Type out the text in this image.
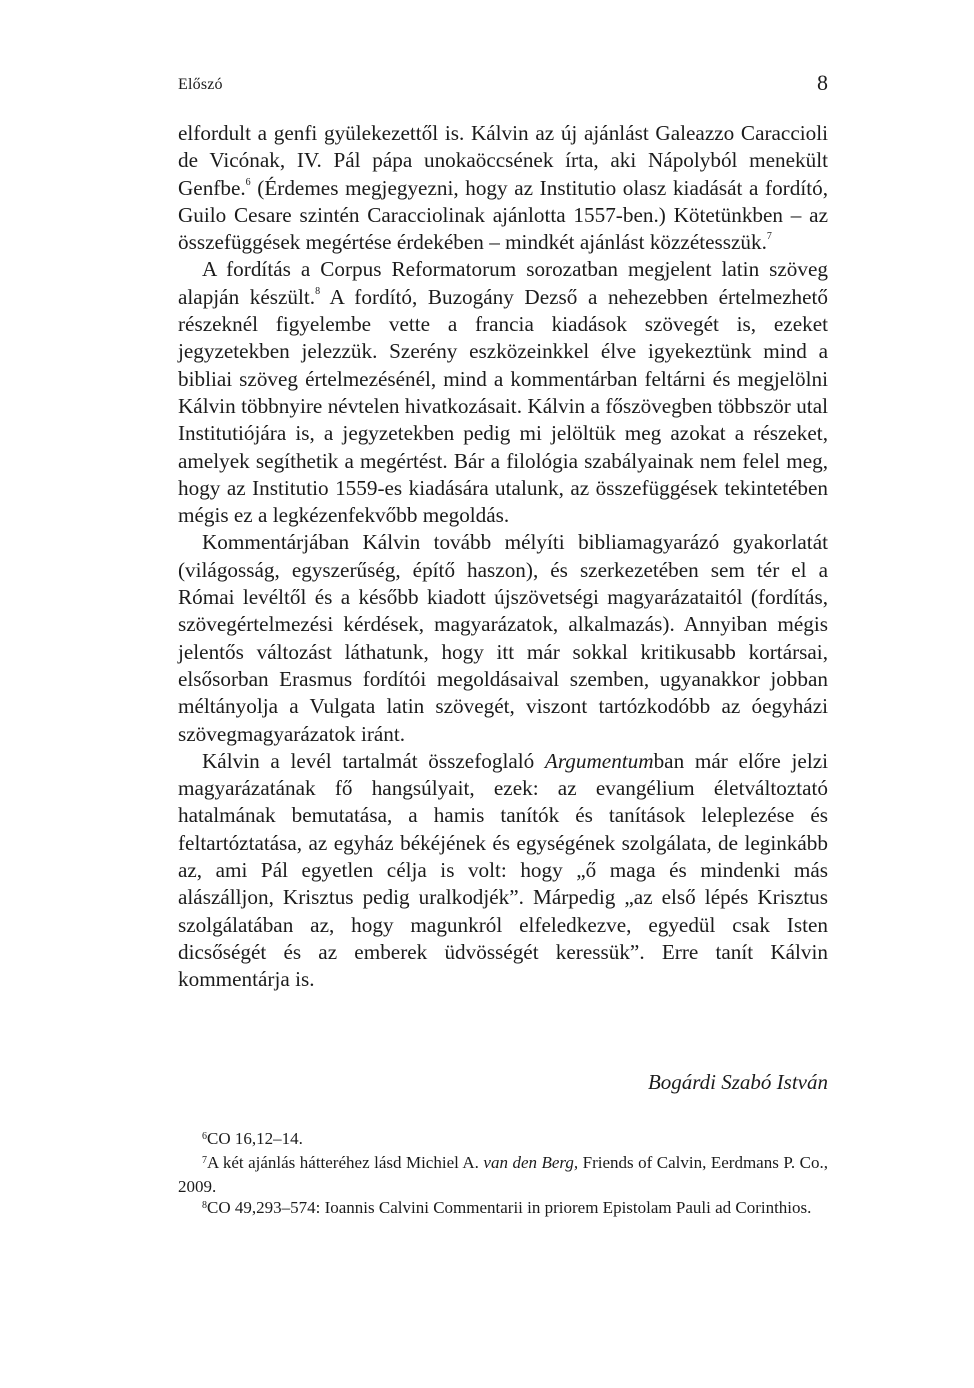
Előszó	8

elfordult a genfi gyülekezettől is. Kálvin az új ajánlást Galeazzo Caraccioli de Vicónak, IV. Pál pápa unokaöccsének írta, aki Nápolyból menekült Genfbe.$^6$ (Érdemes megjegyezni, hogy az Institutio olasz kiadását a fordító, Guilo Cesare szintén Caracciolinak ajánlotta 1557-ben.) Kötetünkben – az összefüggések megértése érdekében – mindkét ajánlást közzétesszük.$^7$

A fordítás a Corpus Reformatorum sorozatban megjelent latin szöveg alapján készült.$^8$ A fordító, Buzogány Dezső a nehezebben értelmezhető részeknél figyelembe vette a francia kiadások szövegét is, ezeket jegyzetekben jelezzük. Szerény eszközeinkkel élve igyekeztünk mind a bibliai szöveg értelmezésénél, mind a kommentárban feltárni és megjelölni Kálvin többnyire névtelen hivatkozásait. Kálvin a főszövegben többször utal Institutiójára is, a jegyzetekben pedig mi jelöltük meg azokat a részeket, amelyek segíthetik a megértést. Bár a filológia szabályainak nem felel meg, hogy az Institutio 1559-es kiadására utalunk, az összefüggések tekintetében mégis ez a legkézenfekvőbb megoldás.

Kommentárjában Kálvin tovább mélyíti bibliamagyarázó gyakorlatát (világosság, egyszerűség, építő haszon), és szerkezetében sem tér el a Római levéltől és a később kiadott újszövetségi magyarázataitól (fordítás, szövegértelmezési kérdések, magyarázatok, alkalmazás). Annyiban mégis jelentős változást láthatunk, hogy itt már sokkal kritikusabb kortársai, elsősorban Erasmus fordítói megoldásaival szemben, ugyanakkor jobban méltányolja a Vulgata latin szövegét, viszont tartózkodóbb az óegyházi szövegmagyarázatok iránt.

Kálvin a levél tartalmát összefoglaló Argumentumban már előre jelzi magyarázatának fő hangsúlyait, ezek: az evangélium életváltoztató hatalmának bemutatása, a hamis tanítók és tanítások leleplezése és feltartóztatása, az egyház békéjének és egységének szolgálata, de leginkább az, ami Pál egyetlen célja is volt: hogy „ő maga és mindenki más alászálljon, Krisztus pedig uralkodjék”. Márpedig „az első lépés Krisztus szolgálatában az, hogy magunkról elfeledkezve, egyedül csak Isten dicsőségét és az emberek üdvösségét keressük”. Erre tanít Kálvin kommentárja is.

Bogárdi Szabó István

$^6$CO 16,12–14.

$^7$A két ajánlás hátteréhez lásd Michiel A. van den Berg, Friends of Calvin, Eerdmans P. Co., 2009.

$^8$CO 49,293–574: Ioannis Calvini Commentarii in priorem Epistolam Pauli ad Corinthios.
